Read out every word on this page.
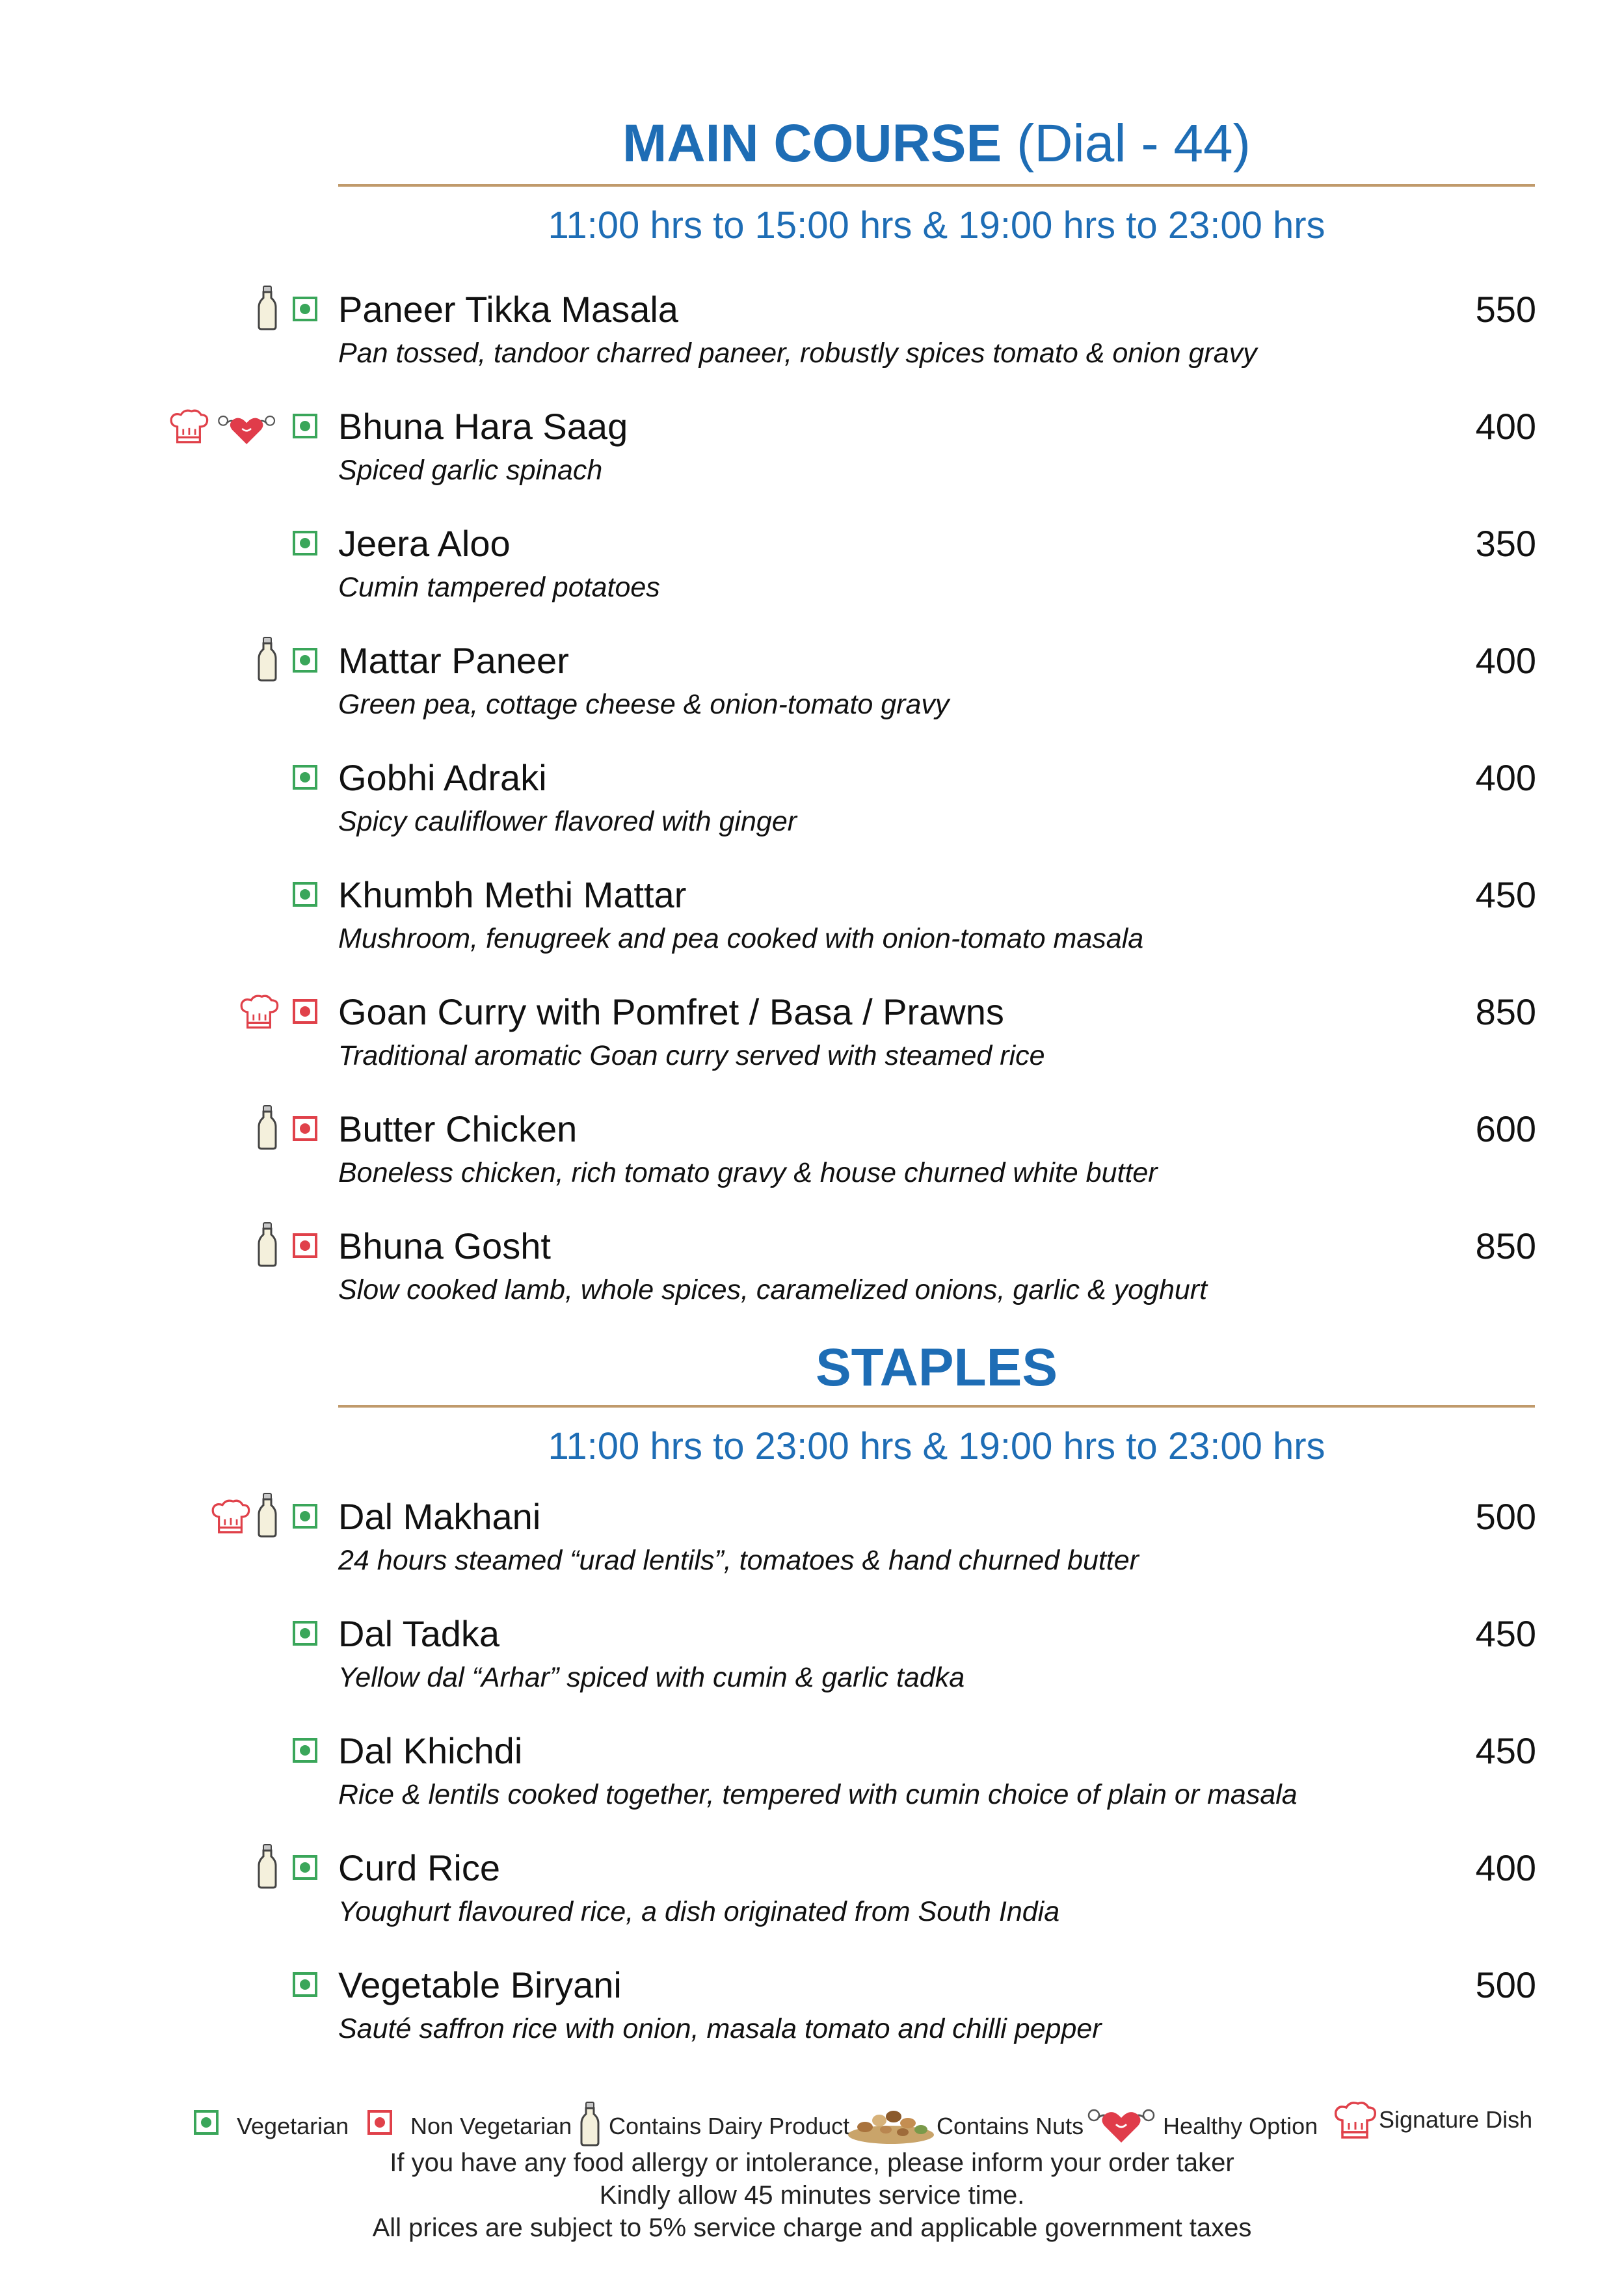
MAIN COURSE (Dial - 44)
11:00 hrs to 15:00 hrs & 19:00 hrs to 23:00 hrs
Paneer Tikka Masala	550
Pan tossed, tandoor charred paneer, robustly spices tomato & onion gravy
Bhuna Hara Saag	400
Spiced garlic spinach
Jeera Aloo	350
Cumin tampered potatoes
Mattar Paneer	400
Green pea, cottage cheese & onion-tomato gravy
Gobhi Adraki	400
Spicy cauliflower flavored with ginger
Khumbh Methi Mattar	450
Mushroom, fenugreek and pea cooked with onion-tomato masala
Goan Curry with Pomfret / Basa / Prawns	850
Traditional aromatic Goan curry served with steamed rice
Butter Chicken	600
Boneless chicken, rich tomato gravy & house churned white butter
Bhuna Gosht	850
Slow cooked lamb, whole spices, caramelized onions, garlic & yoghurt
STAPLES
11:00 hrs to 23:00 hrs & 19:00 hrs to 23:00 hrs
Dal Makhani	500
24 hours steamed “urad lentils”, tomatoes & hand churned butter
Dal Tadka	450
Yellow dal “Arhar” spiced with cumin & garlic tadka
Dal Khichdi	450
Rice & lentils cooked together, tempered with cumin choice of plain or masala
Curd Rice	400
Youghurt flavoured rice, a dish originated from South India
Vegetable Biryani	500
Sauté saffron rice with onion, masala tomato and chilli pepper
Vegetarian	Non Vegetarian Contains Dairy Product	Contains Nuts	Healthy Option	Signature Dish
If you have any food allergy or intolerance, please inform your order taker
Kindly allow 45 minutes service time.
All prices are subject to 5% service charge and applicable government taxes
